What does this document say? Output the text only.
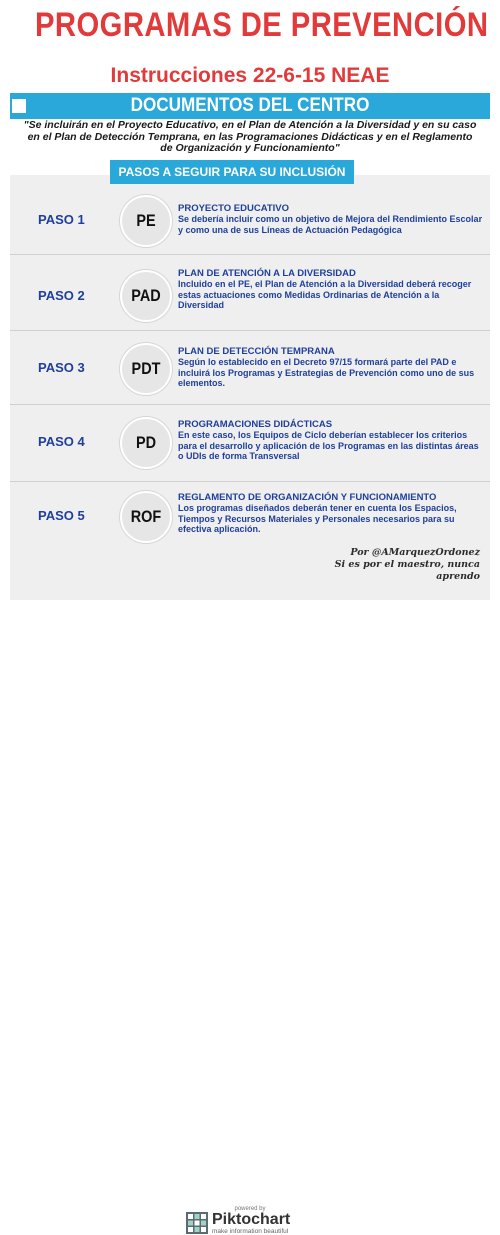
PROGRAMAS DE PREVENCIÓN
Instrucciones 22-6-15 NEAE
DOCUMENTOS DEL CENTRO
"Se incluirán en el Proyecto Educativo, en el Plan de Atención a la Diversidad y en su caso en el Plan de Detección Temprana, en las Programaciones Didácticas y en el Reglamento de Organización y Funcionamiento"
PASOS A SEGUIR PARA SU INCLUSIÓN
PASO 1	PE
PROYECTO EDUCATIVO
Se debería incluir como un objetivo de Mejora del Rendimiento Escolar y como una de sus Líneas de Actuación Pedagógica
PASO 2	PAD
PLAN DE ATENCIÓN A LA DIVERSIDAD
Incluido en el PE, el Plan de Atención a la Diversidad deberá recoger estas actuaciones como Medidas Ordinarias de Atención a la Diversidad
PASO 3	PDT
PLAN DE DETECCIÓN TEMPRANA
Según lo establecido en el Decreto 97/15 formará parte del PAD e incluirá los Programas y Estrategias de Prevención como uno de sus elementos.
PASO 4	PD
PROGRAMACIONES DIDÁCTICAS
En este caso, los Equipos de Ciclo deberían establecer los criterios para el desarrollo y aplicación de los Programas en las distintas áreas o UDIs de forma Transversal
PASO 5	ROF
REGLAMENTO DE ORGANIZACIÓN Y FUNCIONAMIENTO
Los programas diseñados deberán tener en cuenta los Espacios, Tiempos y Recursos Materiales y Personales necesarios para su efectiva aplicación.
Por @AMarquezOrdonez
Si es por el maestro, nunca aprendo
powered by
Piktochart
make information beautiful
